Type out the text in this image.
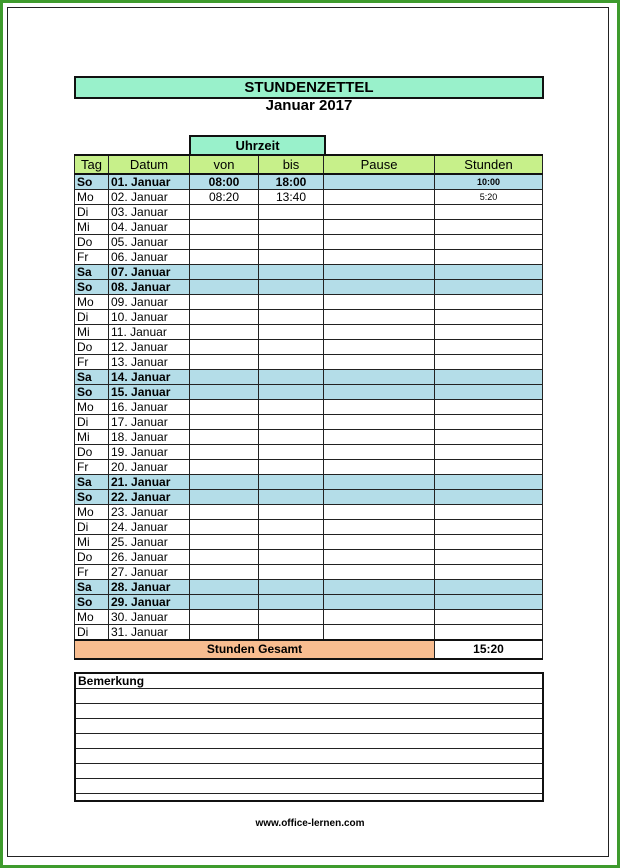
STUNDENZETTEL
Januar 2017
Uhrzeit
Tag	Datum	von	bis	Pause	Stunden
So	01. Januar	08:00	18:00		10:00
Mo	02. Januar	08:20	13:40		5:20
Di	03. Januar				
Mi	04. Januar				
Do	05. Januar				
Fr	06. Januar				
Sa	07. Januar				
So	08. Januar				
Mo	09. Januar				
Di	10. Januar				
Mi	11. Januar				
Do	12. Januar				
Fr	13. Januar				
Sa	14. Januar				
So	15. Januar				
Mo	16. Januar				
Di	17. Januar				
Mi	18. Januar				
Do	19. Januar				
Fr	20. Januar				
Sa	21. Januar				
So	22. Januar				
Mo	23. Januar				
Di	24. Januar				
Mi	25. Januar				
Do	26. Januar				
Fr	27. Januar				
Sa	28. Januar				
So	29. Januar				
Mo	30. Januar				
Di	31. Januar				
Stunden Gesamt					15:20
Bemerkung
www.office-lernen.com
